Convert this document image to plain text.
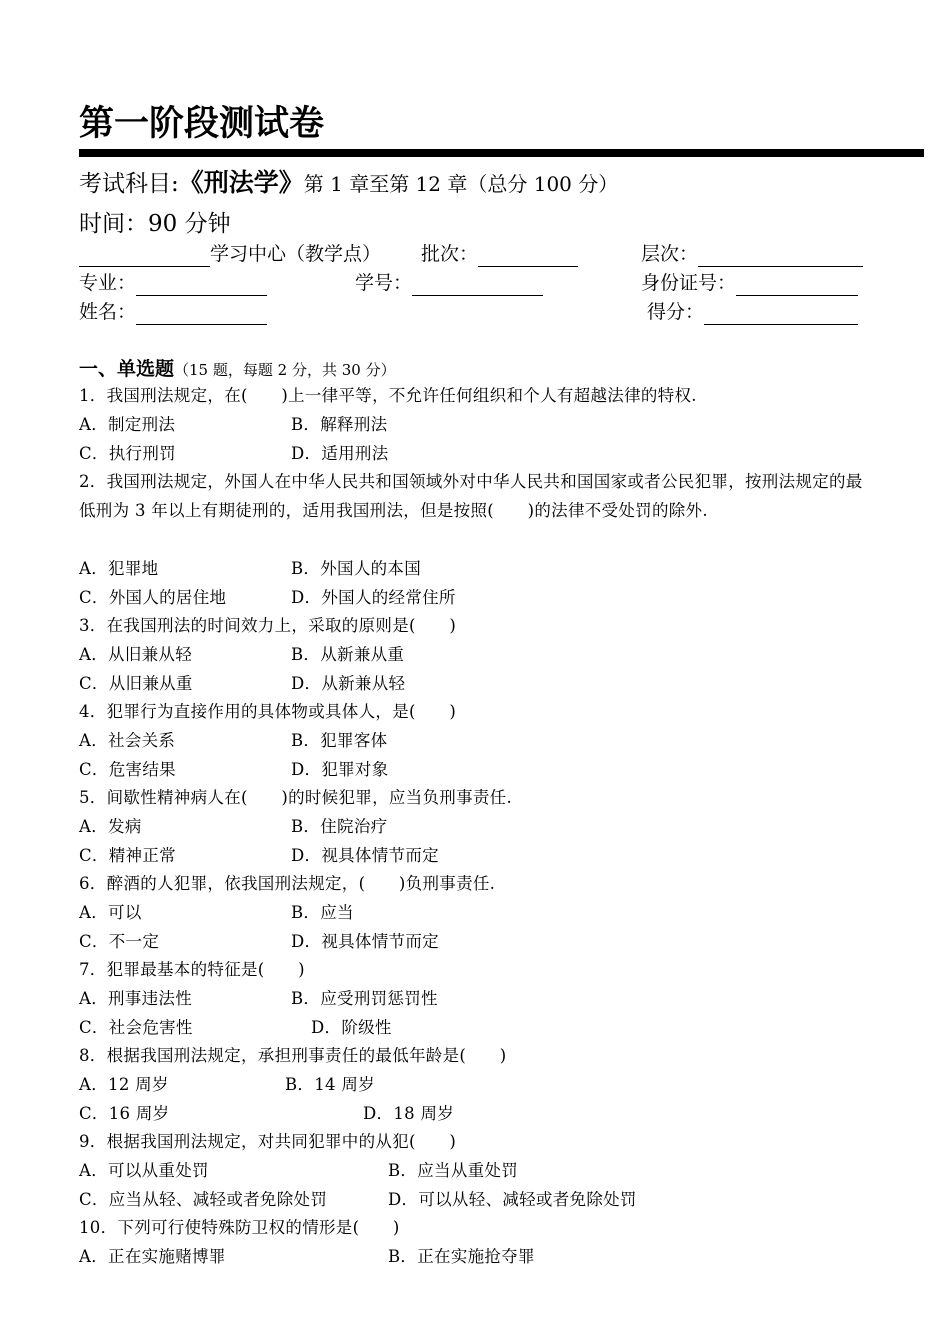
第一阶段测试卷
考试科目:《刑法学》第 1 章至第 12 章（总分 100 分）
时间：90 分钟
学习中心（教学点） 批次：	层次：
专业：	学号：	身份证号：
姓名：	得分：
一、单选题（15 题，每题 2 分，共 30 分）
1．我国刑法规定，在(　　)上一律平等，不允许任何组织和个人有超越法律的特权.
A．制定刑法	B．解释刑法
C．执行刑罚	D．适用刑法
2．我国刑法规定，外国人在中华人民共和国领域外对中华人民共和国国家或者公民犯罪，按刑法规定的最低刑为 3 年以上有期徒刑的，适用我国刑法，但是按照(　　)的法律不受处罚的除外.
A．犯罪地	B．外国人的本国
C．外国人的居住地	D．外国人的经常住所
3．在我国刑法的时间效力上，采取的原则是(　　)
A．从旧兼从轻	B．从新兼从重
C．从旧兼从重	D．从新兼从轻
4．犯罪行为直接作用的具体物或具体人，是(　　)
A．社会关系	B．犯罪客体
C．危害结果	D．犯罪对象
5．间歇性精神病人在(　　)的时候犯罪，应当负刑事责任.
A．发病	B．住院治疗
C．精神正常	D．视具体情节而定
6．醉酒的人犯罪，依我国刑法规定，(　　)负刑事责任.
A．可以	B．应当
C．不一定	D．视具体情节而定
7．犯罪最基本的特征是(　　)
A．刑事违法性	B．应受刑罚惩罚性
C．社会危害性	D．阶级性
8．根据我国刑法规定，承担刑事责任的最低年龄是(　　)
A．12 周岁	B．14 周岁
C．16 周岁	D．18 周岁
9．根据我国刑法规定，对共同犯罪中的从犯(　　)
A．可以从重处罚	B．应当从重处罚
C．应当从轻、减轻或者免除处罚	D．可以从轻、减轻或者免除处罚
10．下列可行使特殊防卫权的情形是(　　)
A．正在实施赌博罪	B．正在实施抢夺罪
